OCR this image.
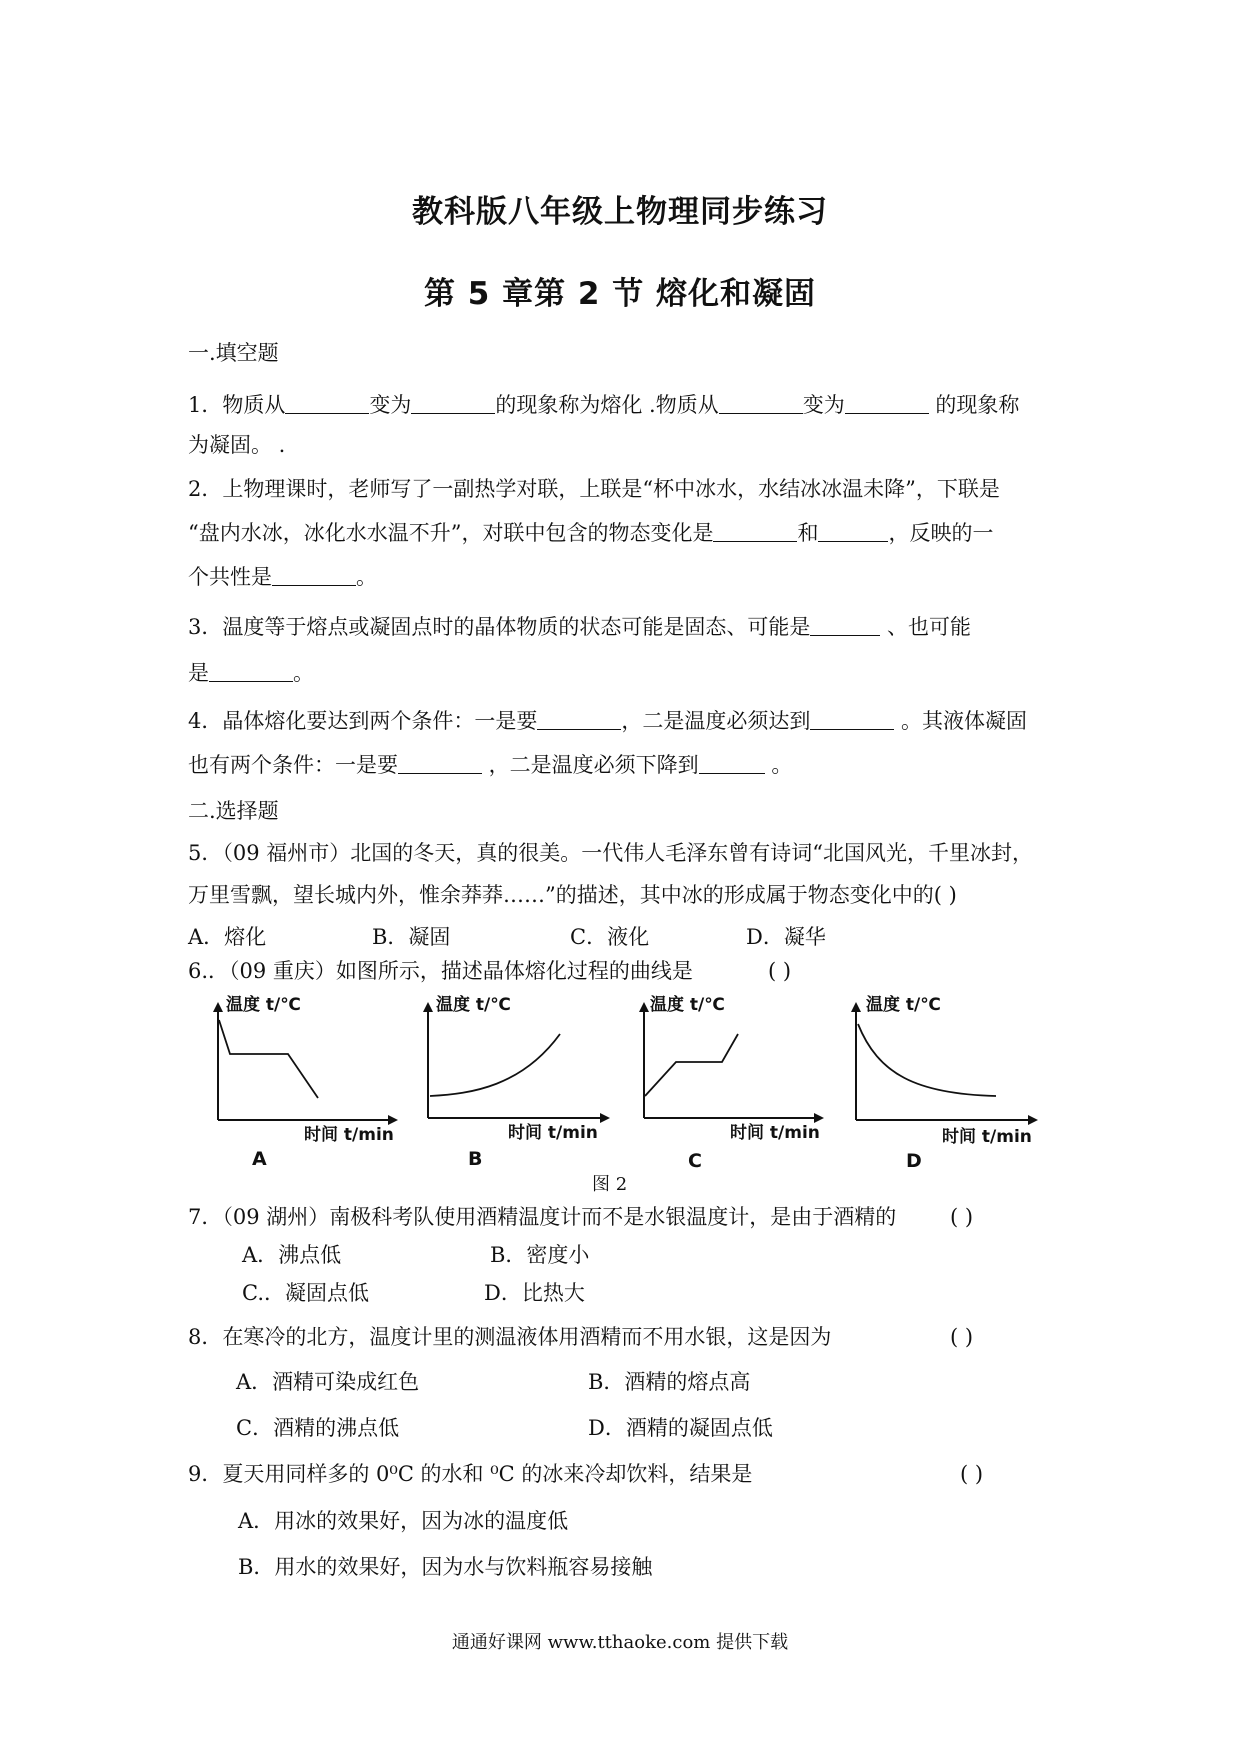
教科版八年级上物理同步练习
第 5 章第 2 节 熔化和凝固
一.填空题
1．物质从	变为	的现象称为熔化 .物质从	变为	的现象称
为凝固。 .
2．上物理课时，老师写了一副热学对联，上联是“杯中冰水，水结冰冰温未降”，下联是
“盘内水冰，冰化水水温不升”，对联中包含的物态变化是	和	，反映的一
个共性是	。
3．温度等于熔点或凝固点时的晶体物质的状态可能是固态、可能是	、也可能
是	。
4．晶体熔化要达到两个条件：一是要	，二是温度必须达到	。其液体凝固
也有两个条件：一是要	，二是温度必须下降到	。
二.选择题
5．（09 福州市）北国的冬天，真的很美。一代伟人毛泽东曾有诗词“北国风光，千里冰封，
万里雪飘，望长城内外，惟余莽莽……”的描述，其中冰的形成属于物态变化中的( )
A．熔化	B．凝固	C．液化	D．凝华
6.．（09 重庆）如图所示，描述晶体熔化过程的曲线是	( )
温度 t/℃
时间 t/min
A
温度 t/℃
时间 t/min
B
温度 t/℃
时间 t/min
C
温度 t/℃
时间 t/min
D
图 2
7．（09 湖州）南极科考队使用酒精温度计而不是水银温度计，是由于酒精的	( )
A．沸点低	B．密度小
C.．凝固点低	D．比热大
8．在寒冷的北方，温度计里的测温液体用酒精而不用水银，这是因为	( )
A．酒精可染成红色	B．酒精的熔点高
C．酒精的沸点低	D．酒精的凝固点低
9．夏天用同样多的 0⁰C 的水和 ⁰C 的冰来冷却饮料，结果是	( )
A．用冰的效果好，因为冰的温度低
B．用水的效果好，因为水与饮料瓶容易接触
通通好课网 www.tthaoke.com 提供下载
